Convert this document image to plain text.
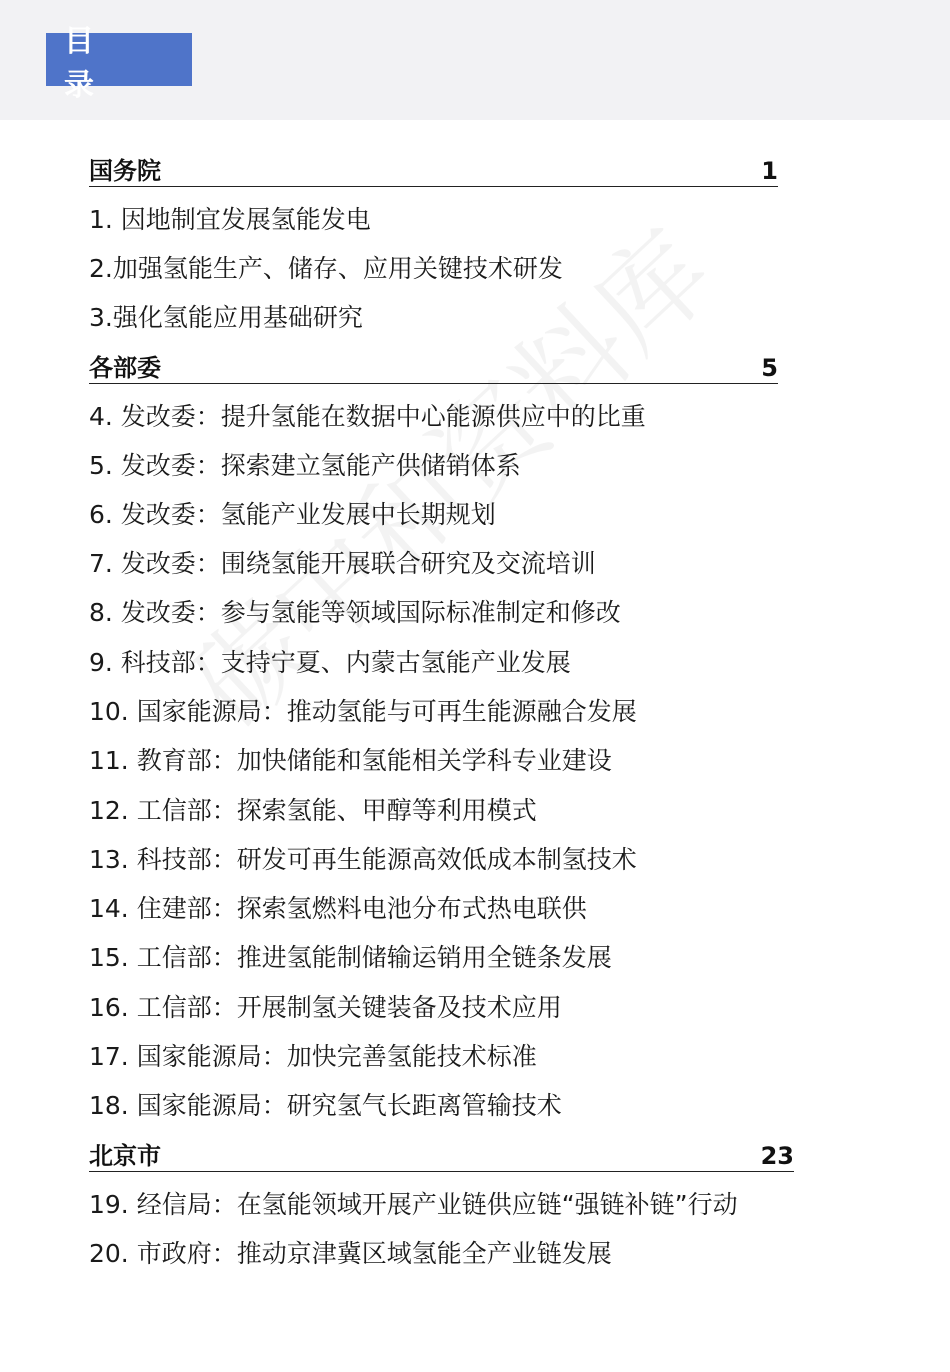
目 录
国务院	1
1. 因地制宜发展氢能发电
2.加强氢能生产、储存、应用关键技术研发
3.强化氢能应用基础研究
各部委	5
4. 发改委：提升氢能在数据中心能源供应中的比重
5. 发改委：探索建立氢能产供储销体系
6. 发改委：氢能产业发展中长期规划
7. 发改委：围绕氢能开展联合研究及交流培训
8. 发改委：参与氢能等领域国际标准制定和修改
9. 科技部：支持宁夏、内蒙古氢能产业发展
10. 国家能源局：推动氢能与可再生能源融合发展
11. 教育部：加快储能和氢能相关学科专业建设
12. 工信部：探索氢能、甲醇等利用模式
13. 科技部：研发可再生能源高效低成本制氢技术
14. 住建部：探索氢燃料电池分布式热电联供
15. 工信部：推进氢能制储输运销用全链条发展
16. 工信部：开展制氢关键装备及技术应用
17. 国家能源局：加快完善氢能技术标准
18. 国家能源局：研究氢气长距离管输技术
北京市	23
19. 经信局：在氢能领域开展产业链供应链“强链补链”行动
20. 市政府：推动京津冀区域氢能全产业链发展
